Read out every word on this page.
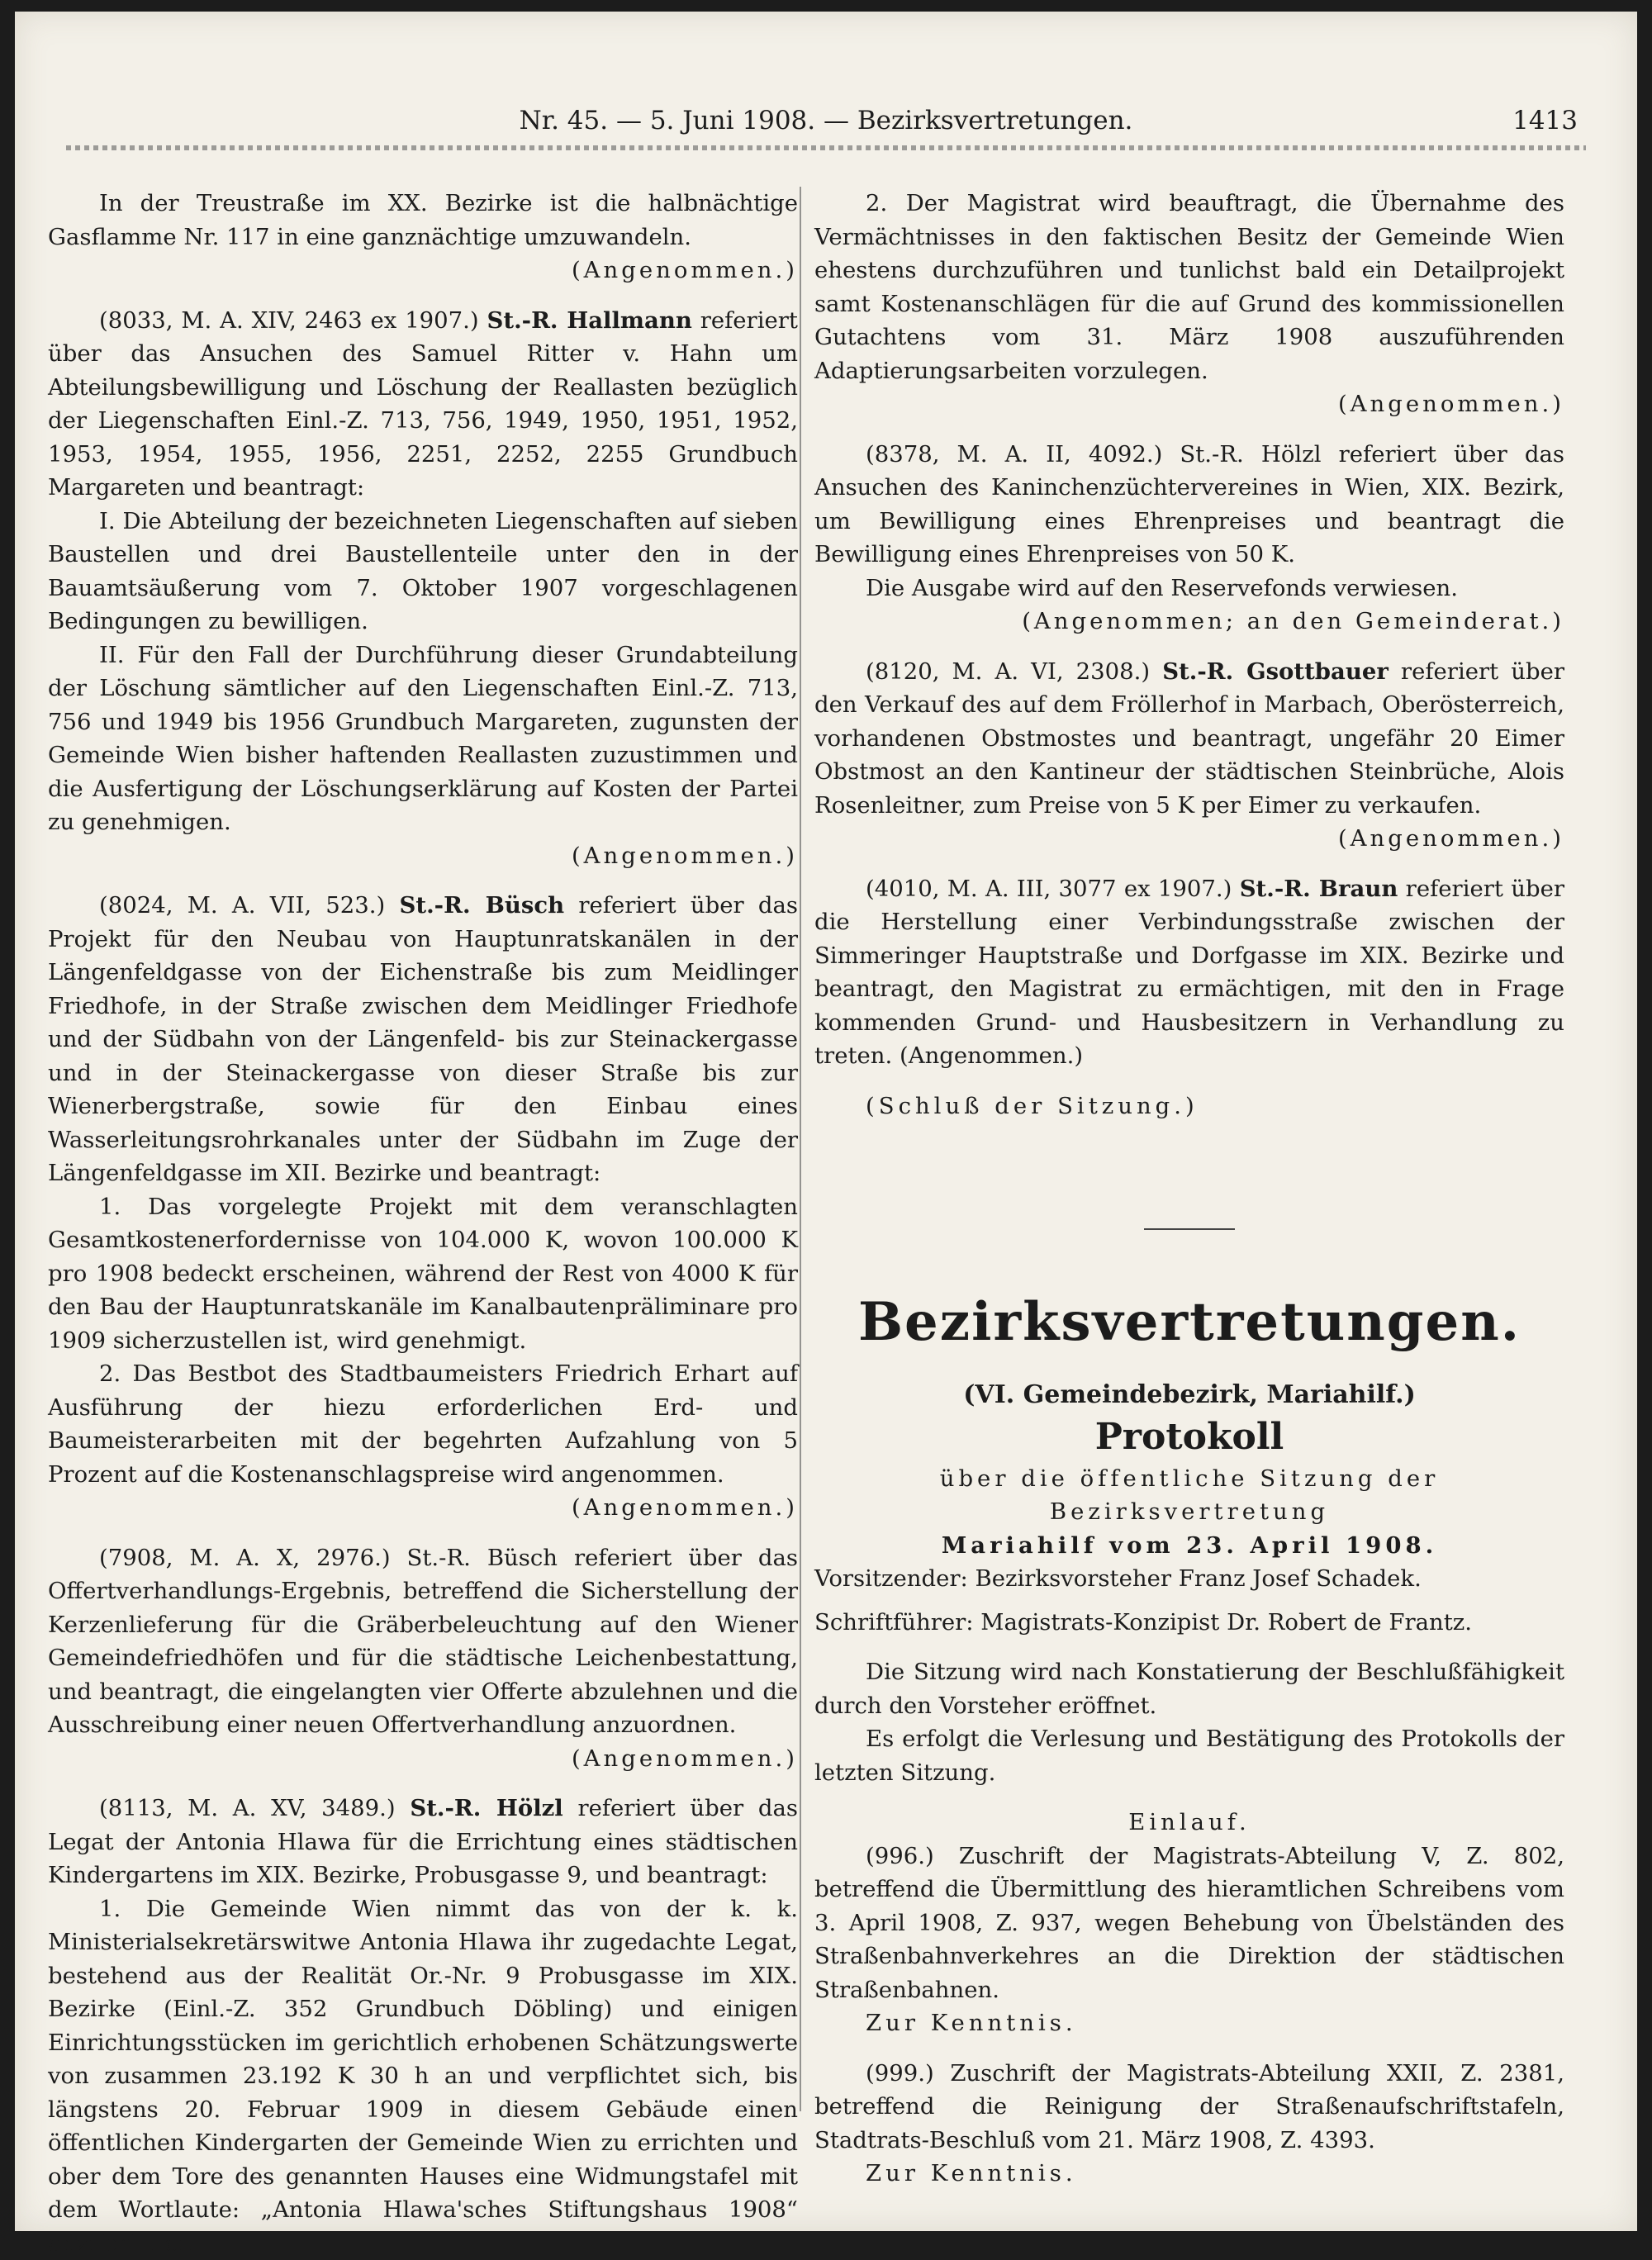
Nr. 45. — 5. Juni 1908. — Bezirksvertretungen.	1413

In der Treustraße im XX. Bezirke ist die halbnächtige Gasflamme Nr. 117 in eine ganznächtige umzuwandeln.
(Angenommen.)

(8033, M. A. XIV, 2463 ex 1907.) St.-R. Hallmann referiert über das Ansuchen des Samuel Ritter v. Hahn um Abteilungsbewilligung und Löschung der Reallasten bezüglich der Liegenschaften Einl.-Z. 713, 756, 1949, 1950, 1951, 1952, 1953, 1954, 1955, 1956, 2251, 2252, 2255 Grundbuch Margareten und beantragt:

I. Die Abteilung der bezeichneten Liegenschaften auf sieben Baustellen und drei Baustellenteile unter den in der Bauamtsäußerung vom 7. Oktober 1907 vorgeschlagenen Bedingungen zu bewilligen.

II. Für den Fall der Durchführung dieser Grundabteilung der Löschung sämtlicher auf den Liegenschaften Einl.-Z. 713, 756 und 1949 bis 1956 Grundbuch Margareten, zugunsten der Gemeinde Wien bisher haftenden Reallasten zuzustimmen und die Ausfertigung der Löschungserklärung auf Kosten der Partei zu genehmigen.
(Angenommen.)

(8024, M. A. VII, 523.) St.-R. Büsch referiert über das Projekt für den Neubau von Hauptunratskanälen in der Längenfeldgasse von der Eichenstraße bis zum Meidlinger Friedhofe, in der Straße zwischen dem Meidlinger Friedhofe und der Südbahn von der Längenfeld- bis zur Steinackergasse und in der Steinackergasse von dieser Straße bis zur Wienerbergstraße, sowie für den Einbau eines Wasserleitungsrohrkanales unter der Südbahn im Zuge der Längenfeldgasse im XII. Bezirke und beantragt:

1. Das vorgelegte Projekt mit dem veranschlagten Gesamtkostenerfordernisse von 104.000 K, wovon 100.000 K pro 1908 bedeckt erscheinen, während der Rest von 4000 K für den Bau der Hauptunratskanäle im Kanalbautenpräliminare pro 1909 sicherzustellen ist, wird genehmigt.

2. Das Bestbot des Stadtbaumeisters Friedrich Erhart auf Ausführung der hiezu erforderlichen Erd- und Baumeisterarbeiten mit der begehrten Aufzahlung von 5 Prozent auf die Kostenanschlagspreise wird angenommen.
(Angenommen.)

(7908, M. A. X, 2976.) St.-R. Büsch referiert über das Offertverhandlungs-Ergebnis, betreffend die Sicherstellung der Kerzenlieferung für die Gräberbeleuchtung auf den Wiener Gemeindefriedhöfen und für die städtische Leichenbestattung, und beantragt, die eingelangten vier Offerte abzulehnen und die Ausschreibung einer neuen Offertverhandlung anzuordnen.
(Angenommen.)

(8113, M. A. XV, 3489.) St.-R. Hölzl referiert über das Legat der Antonia Hlawa für die Errichtung eines städtischen Kindergartens im XIX. Bezirke, Probusgasse 9, und beantragt:

1. Die Gemeinde Wien nimmt das von der k. k. Ministerialsekretärswitwe Antonia Hlawa ihr zugedachte Legat, bestehend aus der Realität Or.-Nr. 9 Probusgasse im XIX. Bezirke (Einl.-Z. 352 Grundbuch Döbling) und einigen Einrichtungsstücken im gerichtlich erhobenen Schätzungswerte von zusammen 23.192 K 30 h an und verpflichtet sich, bis längstens 20. Februar 1909 in diesem Gebäude einen öffentlichen Kindergarten der Gemeinde Wien zu errichten und ober dem Tore des genannten Hauses eine Widmungstafel mit dem Wortlaute: „Antonia Hlawa'sches Stiftungshaus 1908“ anzubringen.

2. Der Magistrat wird beauftragt, die Übernahme des Vermächtnisses in den faktischen Besitz der Gemeinde Wien ehestens durchzuführen und tunlichst bald ein Detailprojekt samt Kostenanschlägen für die auf Grund des kommissionellen Gutachtens vom 31. März 1908 auszuführenden Adaptierungsarbeiten vorzulegen.
(Angenommen.)

(8378, M. A. II, 4092.) St.-R. Hölzl referiert über das Ansuchen des Kaninchenzüchtervereines in Wien, XIX. Bezirk, um Bewilligung eines Ehrenpreises und beantragt die Bewilligung eines Ehrenpreises von 50 K.

Die Ausgabe wird auf den Reservefonds verwiesen.
(Angenommen; an den Gemeinderat.)

(8120, M. A. VI, 2308.) St.-R. Gsottbauer referiert über den Verkauf des auf dem Fröllerhof in Marbach, Oberösterreich, vorhandenen Obstmostes und beantragt, ungefähr 20 Eimer Obstmost an den Kantineur der städtischen Steinbrüche, Alois Rosenleitner, zum Preise von 5 K per Eimer zu verkaufen.
(Angenommen.)

(4010, M. A. III, 3077 ex 1907.) St.-R. Braun referiert über die Herstellung einer Verbindungsstraße zwischen der Simmeringer Hauptstraße und Dorfgasse im XIX. Bezirke und beantragt, den Magistrat zu ermächtigen, mit den in Frage kommenden Grund- und Hausbesitzern in Verhandlung zu treten. (Angenommen.)

(Schluß der Sitzung.)

Bezirksvertretungen.
(VI. Gemeindebezirk, Mariahilf.)
Protokoll
über die öffentliche Sitzung der Bezirksvertretung
Mariahilf vom 23. April 1908.

Vorsitzender: Bezirksvorsteher Franz Josef Schadek.

Schriftführer: Magistrats-Konzipist Dr. Robert de Frantz.

Die Sitzung wird nach Konstatierung der Beschlußfähigkeit durch den Vorsteher eröffnet.

Es erfolgt die Verlesung und Bestätigung des Protokolls der letzten Sitzung.

Einlauf.

(996.) Zuschrift der Magistrats-Abteilung V, Z. 802, betreffend die Übermittlung des hieramtlichen Schreibens vom 3. April 1908, Z. 937, wegen Behebung von Übelständen des Straßenbahnverkehres an die Direktion der städtischen Straßenbahnen.

Zur Kenntnis.

(999.) Zuschrift der Magistrats-Abteilung XXII, Z. 2381, betreffend die Reinigung der Straßenaufschriftstafeln, Stadtrats-Beschluß vom 21. März 1908, Z. 4393.

Zur Kenntnis.
